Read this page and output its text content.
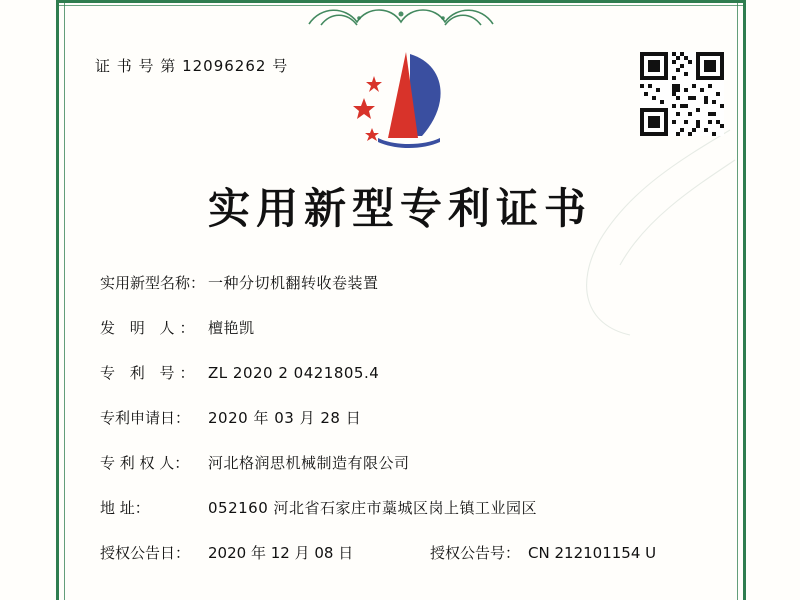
证 书 号 第 12096262 号
实用新型专利证书
实用新型名称： 一种分切机翻转收卷装置
发 明 人： 檀艳凯
专 利 号： ZL 2020 2 0421805.4
专利申请日：	2020 年 03 月 28 日
专 利 权 人：	河北格润思机械制造有限公司
地 址：	052160 河北省石家庄市藁城区岗上镇工业园区
授权公告日：	2020 年 12 月 08 日	授权公告号： CN 212101154 U
